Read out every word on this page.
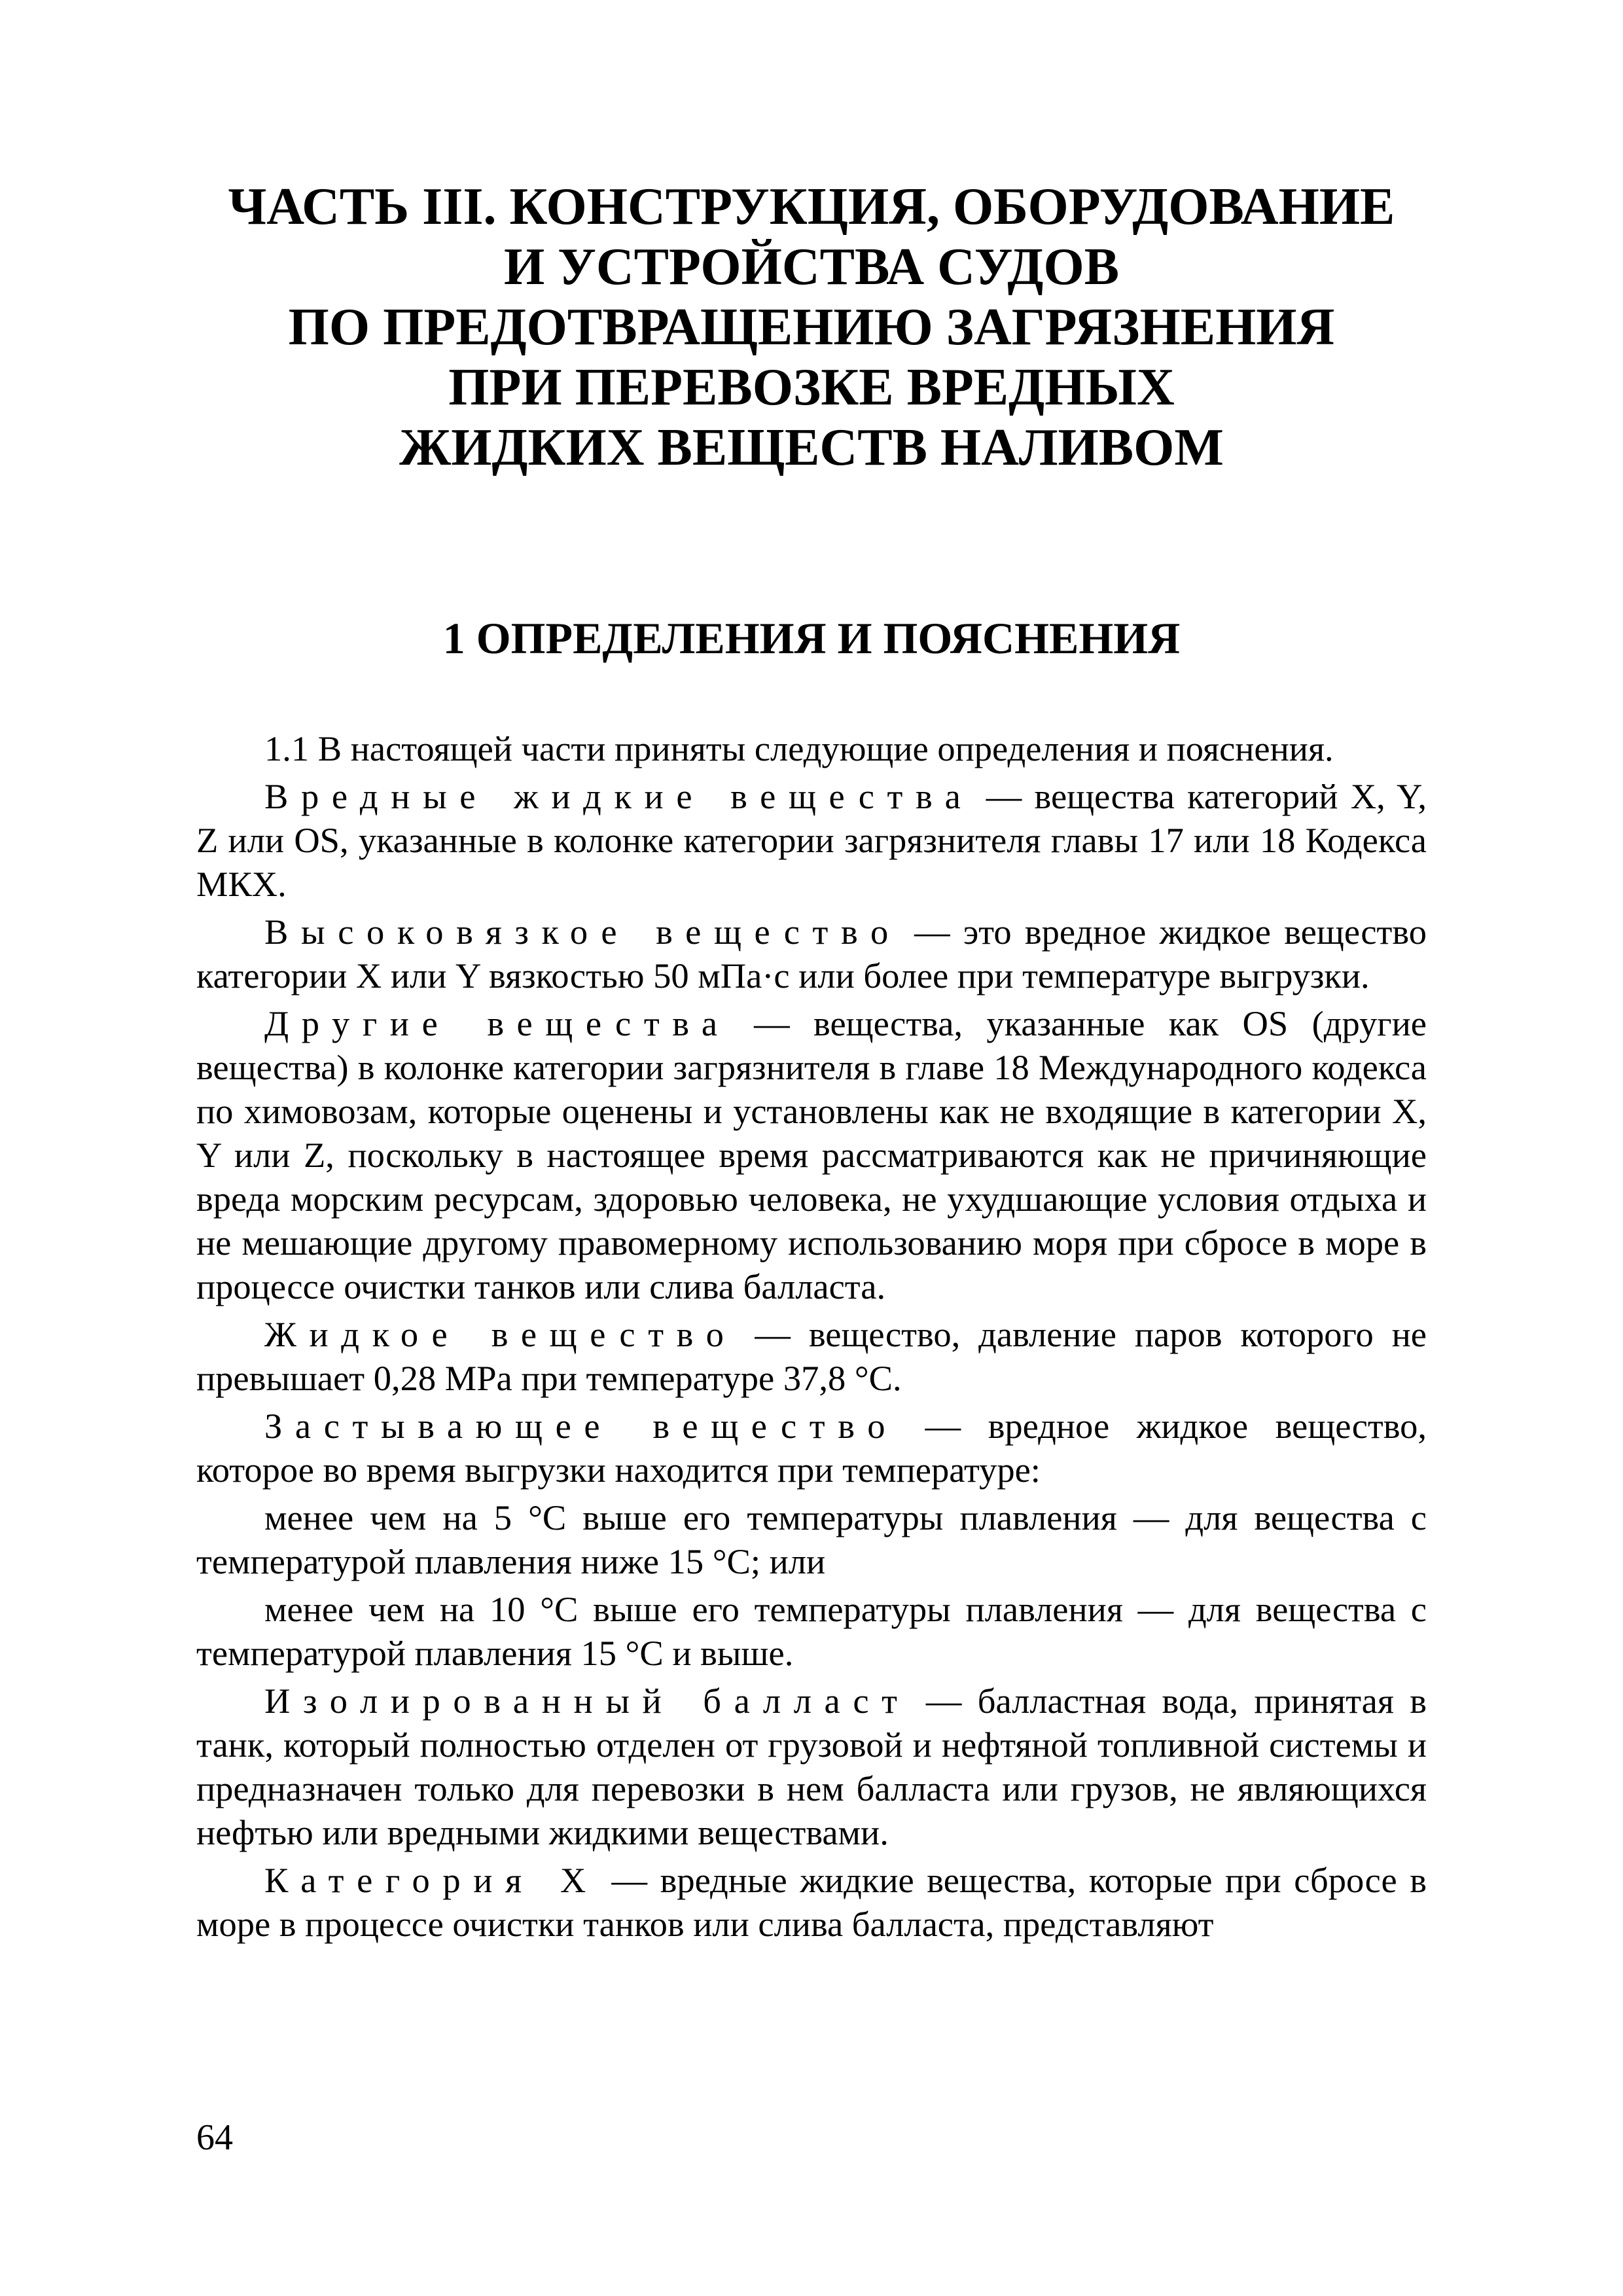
ЧАСТЬ III. КОНСТРУКЦИЯ, ОБОРУДОВАНИЕ
И УСТРОЙСТВА СУДОВ
ПО ПРЕДОТВРАЩЕНИЮ ЗАГРЯЗНЕНИЯ
ПРИ ПЕРЕВОЗКЕ ВРЕДНЫХ
ЖИДКИХ ВЕЩЕСТВ НАЛИВОМ
1 ОПРЕДЕЛЕНИЯ И ПОЯСНЕНИЯ

1.1 В настоящей части приняты следующие определения и пояснения.

Вредные жидкие вещества — вещества категорий X, Y, Z или OS, указанные в колонке категории загрязнителя главы 17 или 18 Кодекса МКХ.

Высоковязкое вещество — это вредное жидкое вещество категории X или Y вязкостью 50 мПа·с или более при температуре выгрузки.

Другие вещества — вещества, указанные как OS (другие вещества) в колонке категории загрязнителя в главе 18 Международного кодекса по химовозам, которые оценены и установлены как не входящие в категории X, Y или Z, поскольку в настоящее время рассматриваются как не причиняющие вреда морским ресурсам, здоровью человека, не ухудшающие условия отдыха и не мешающие другому правомерному использованию моря при сбросе в море в процессе очистки танков или слива балласта.

Жидкое вещество — вещество, давление паров которого не превышает 0,28 МРа при температуре 37,8 °С.

Застывающее вещество — вредное жидкое вещество, которое во время выгрузки находится при температуре:

менее чем на 5 °С выше его температуры плавления — для вещества с температурой плавления ниже 15 °С; или

менее чем на 10 °С выше его температуры плавления — для вещества с температурой плавления 15 °С и выше.

Изолированный балласт — балластная вода, принятая в танк, который полностью отделен от грузовой и нефтяной топливной системы и предназначен только для перевозки в нем балласта или грузов, не являющихся нефтью или вредными жидкими веществами.

Категория X — вредные жидкие вещества, которые при сбросе в море в процессе очистки танков или слива балласта, представляют

64
